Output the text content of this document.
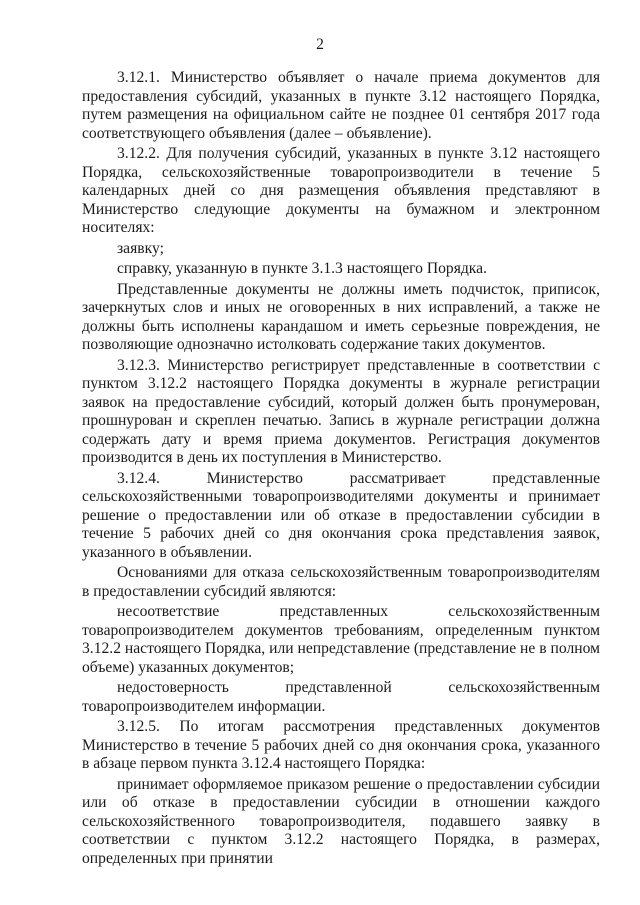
2

3.12.1. Министерство объявляет о начале приема документов для предоставления субсидий, указанных в пункте 3.12 настоящего Порядка, путем размещения на официальном сайте не позднее 01 сентября 2017 года соответствующего объявления (далее – объявление).

3.12.2. Для получения субсидий, указанных в пункте 3.12 настоящего Порядка, сельскохозяйственные товаропроизводители в течение 5 календарных дней со дня размещения объявления представляют в Министерство следующие документы на бумажном и электронном носителях:

заявку;

справку, указанную в пункте 3.1.3 настоящего Порядка.

Представленные документы не должны иметь подчисток, приписок, зачеркнутых слов и иных не оговоренных в них исправлений, а также не должны быть исполнены карандашом и иметь серьезные повреждения, не позволяющие однозначно истолковать содержание таких документов.

3.12.3. Министерство регистрирует представленные в соответствии с пунктом 3.12.2 настоящего Порядка документы в журнале регистрации заявок на предоставление субсидий, который должен быть пронумерован, прошнурован и скреплен печатью. Запись в журнале регистрации должна содержать дату и время приема документов. Регистрация документов производится в день их поступления в Министерство.

3.12.4. Министерство рассматривает представленные сельскохозяйственными товаропроизводителями документы и принимает решение о предоставлении или об отказе в предоставлении субсидии в течение 5 рабочих дней со дня окончания срока представления заявок, указанного в объявлении.

Основаниями для отказа сельскохозяйственным товаропроизводителям в предоставлении субсидий являются:

несоответствие представленных сельскохозяйственным товаропроизводителем документов требованиям, определенным пунктом 3.12.2 настоящего Порядка, или непредставление (представление не в полном объеме) указанных документов;

недостоверность представленной сельскохозяйственным товаропроизводителем информации.

3.12.5. По итогам рассмотрения представленных документов Министерство в течение 5 рабочих дней со дня окончания срока, указанного в абзаце первом пункта 3.12.4 настоящего Порядка:

принимает оформляемое приказом решение о предоставлении субсидии или об отказе в предоставлении субсидии в отношении каждого сельскохозяйственного товаропроизводителя, подавшего заявку в соответствии с пунктом 3.12.2 настоящего Порядка, в размерах, определенных при принятии
